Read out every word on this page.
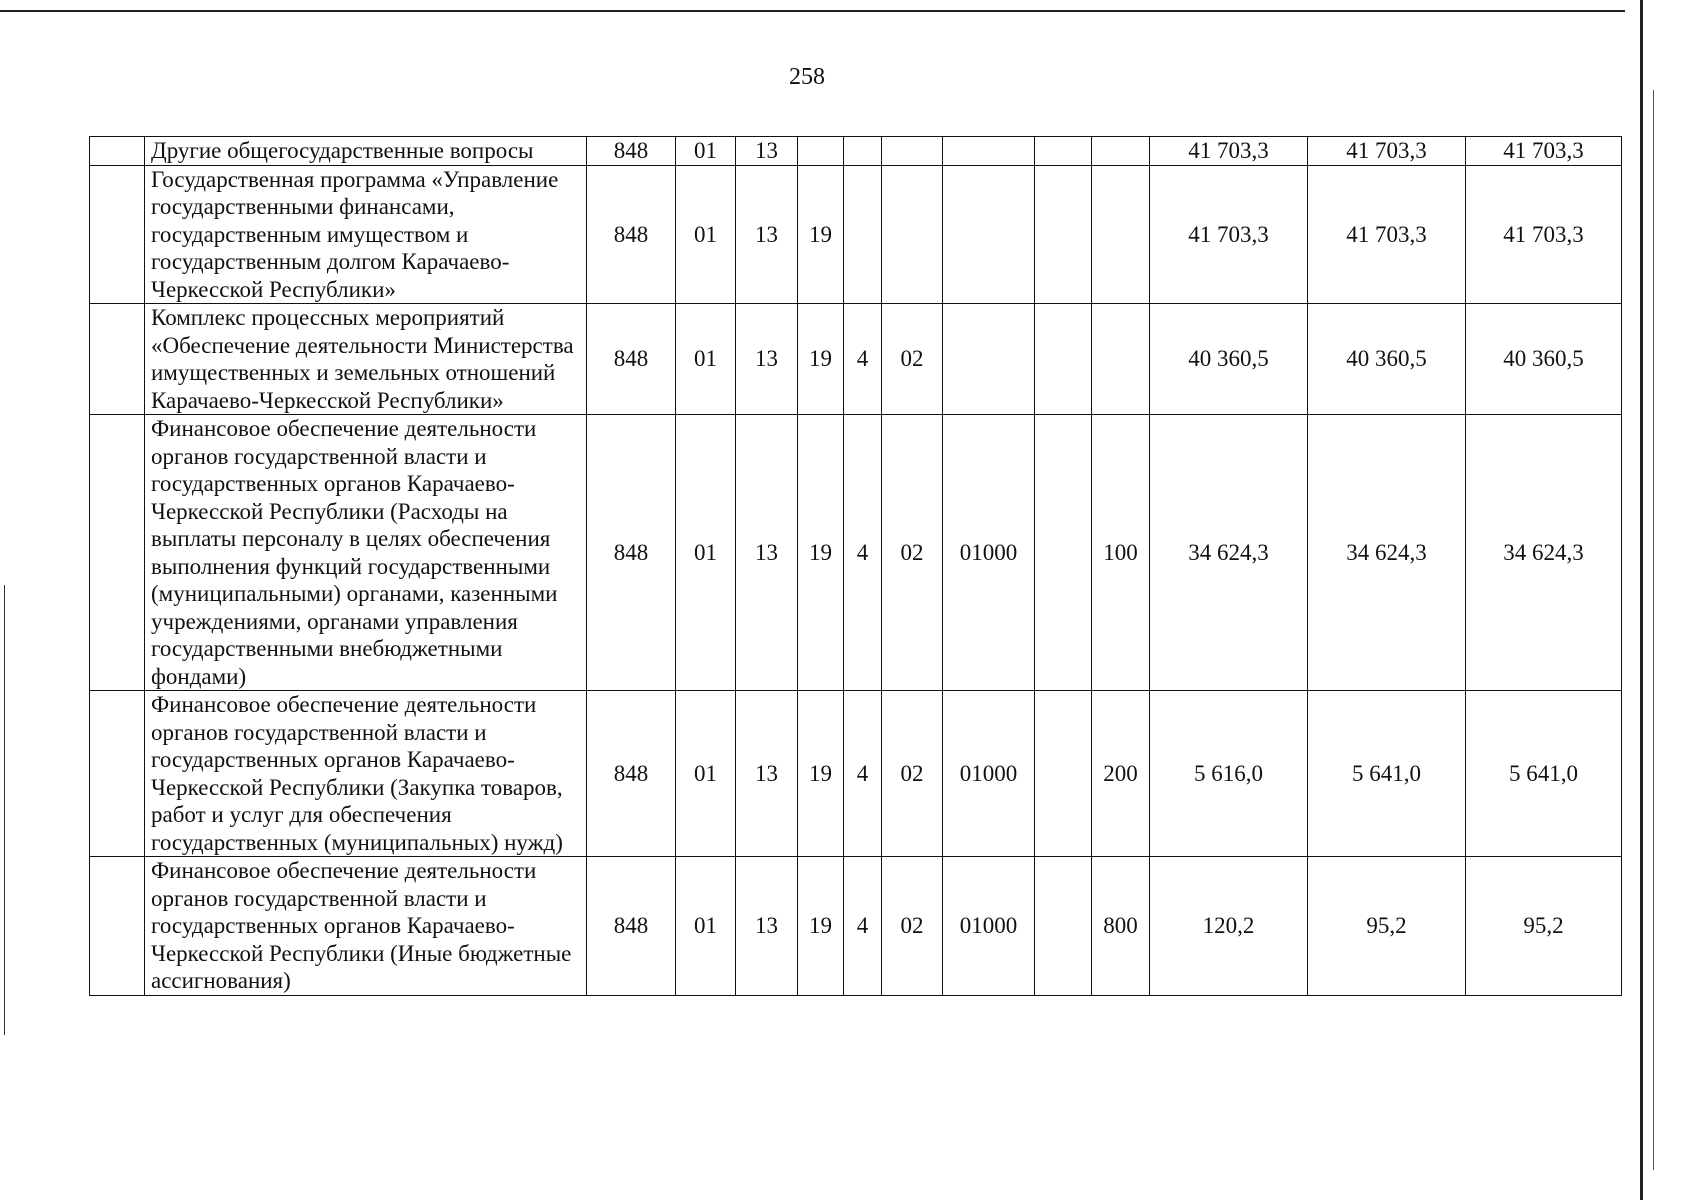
258
	Другие общегосударственные вопросы	848	01	13							41 703,3	41 703,3	41 703,3
	Государственная программа «Управление государственными финансами, государственным имуществом и государственным долгом Карачаево-Черкесской Республики»	848	01	13	19						41 703,3	41 703,3	41 703,3
	Комплекс процессных мероприятий «Обеспечение деятельности Министерства имущественных и земельных отношений Карачаево-Черкесской Республики»	848	01	13	19	4	02				40 360,5	40 360,5	40 360,5
	Финансовое обеспечение деятельности органов государственной власти и государственных органов Карачаево-Черкесской Республики (Расходы на выплаты персоналу в целях обеспечения выполнения функций государственными (муниципальными) органами, казенными учреждениями, органами управления государственными внебюджетными фондами)	848	01	13	19	4	02	01000		100	34 624,3	34 624,3	34 624,3
	Финансовое обеспечение деятельности органов государственной власти и государственных органов Карачаево-Черкесской Республики (Закупка товаров, работ и услуг для обеспечения государственных (муниципальных) нужд)	848	01	13	19	4	02	01000		200	5 616,0	5 641,0	5 641,0
	Финансовое обеспечение деятельности органов государственной власти и государственных органов Карачаево-Черкесской Республики (Иные бюджетные ассигнования)	848	01	13	19	4	02	01000		800	120,2	95,2	95,2
